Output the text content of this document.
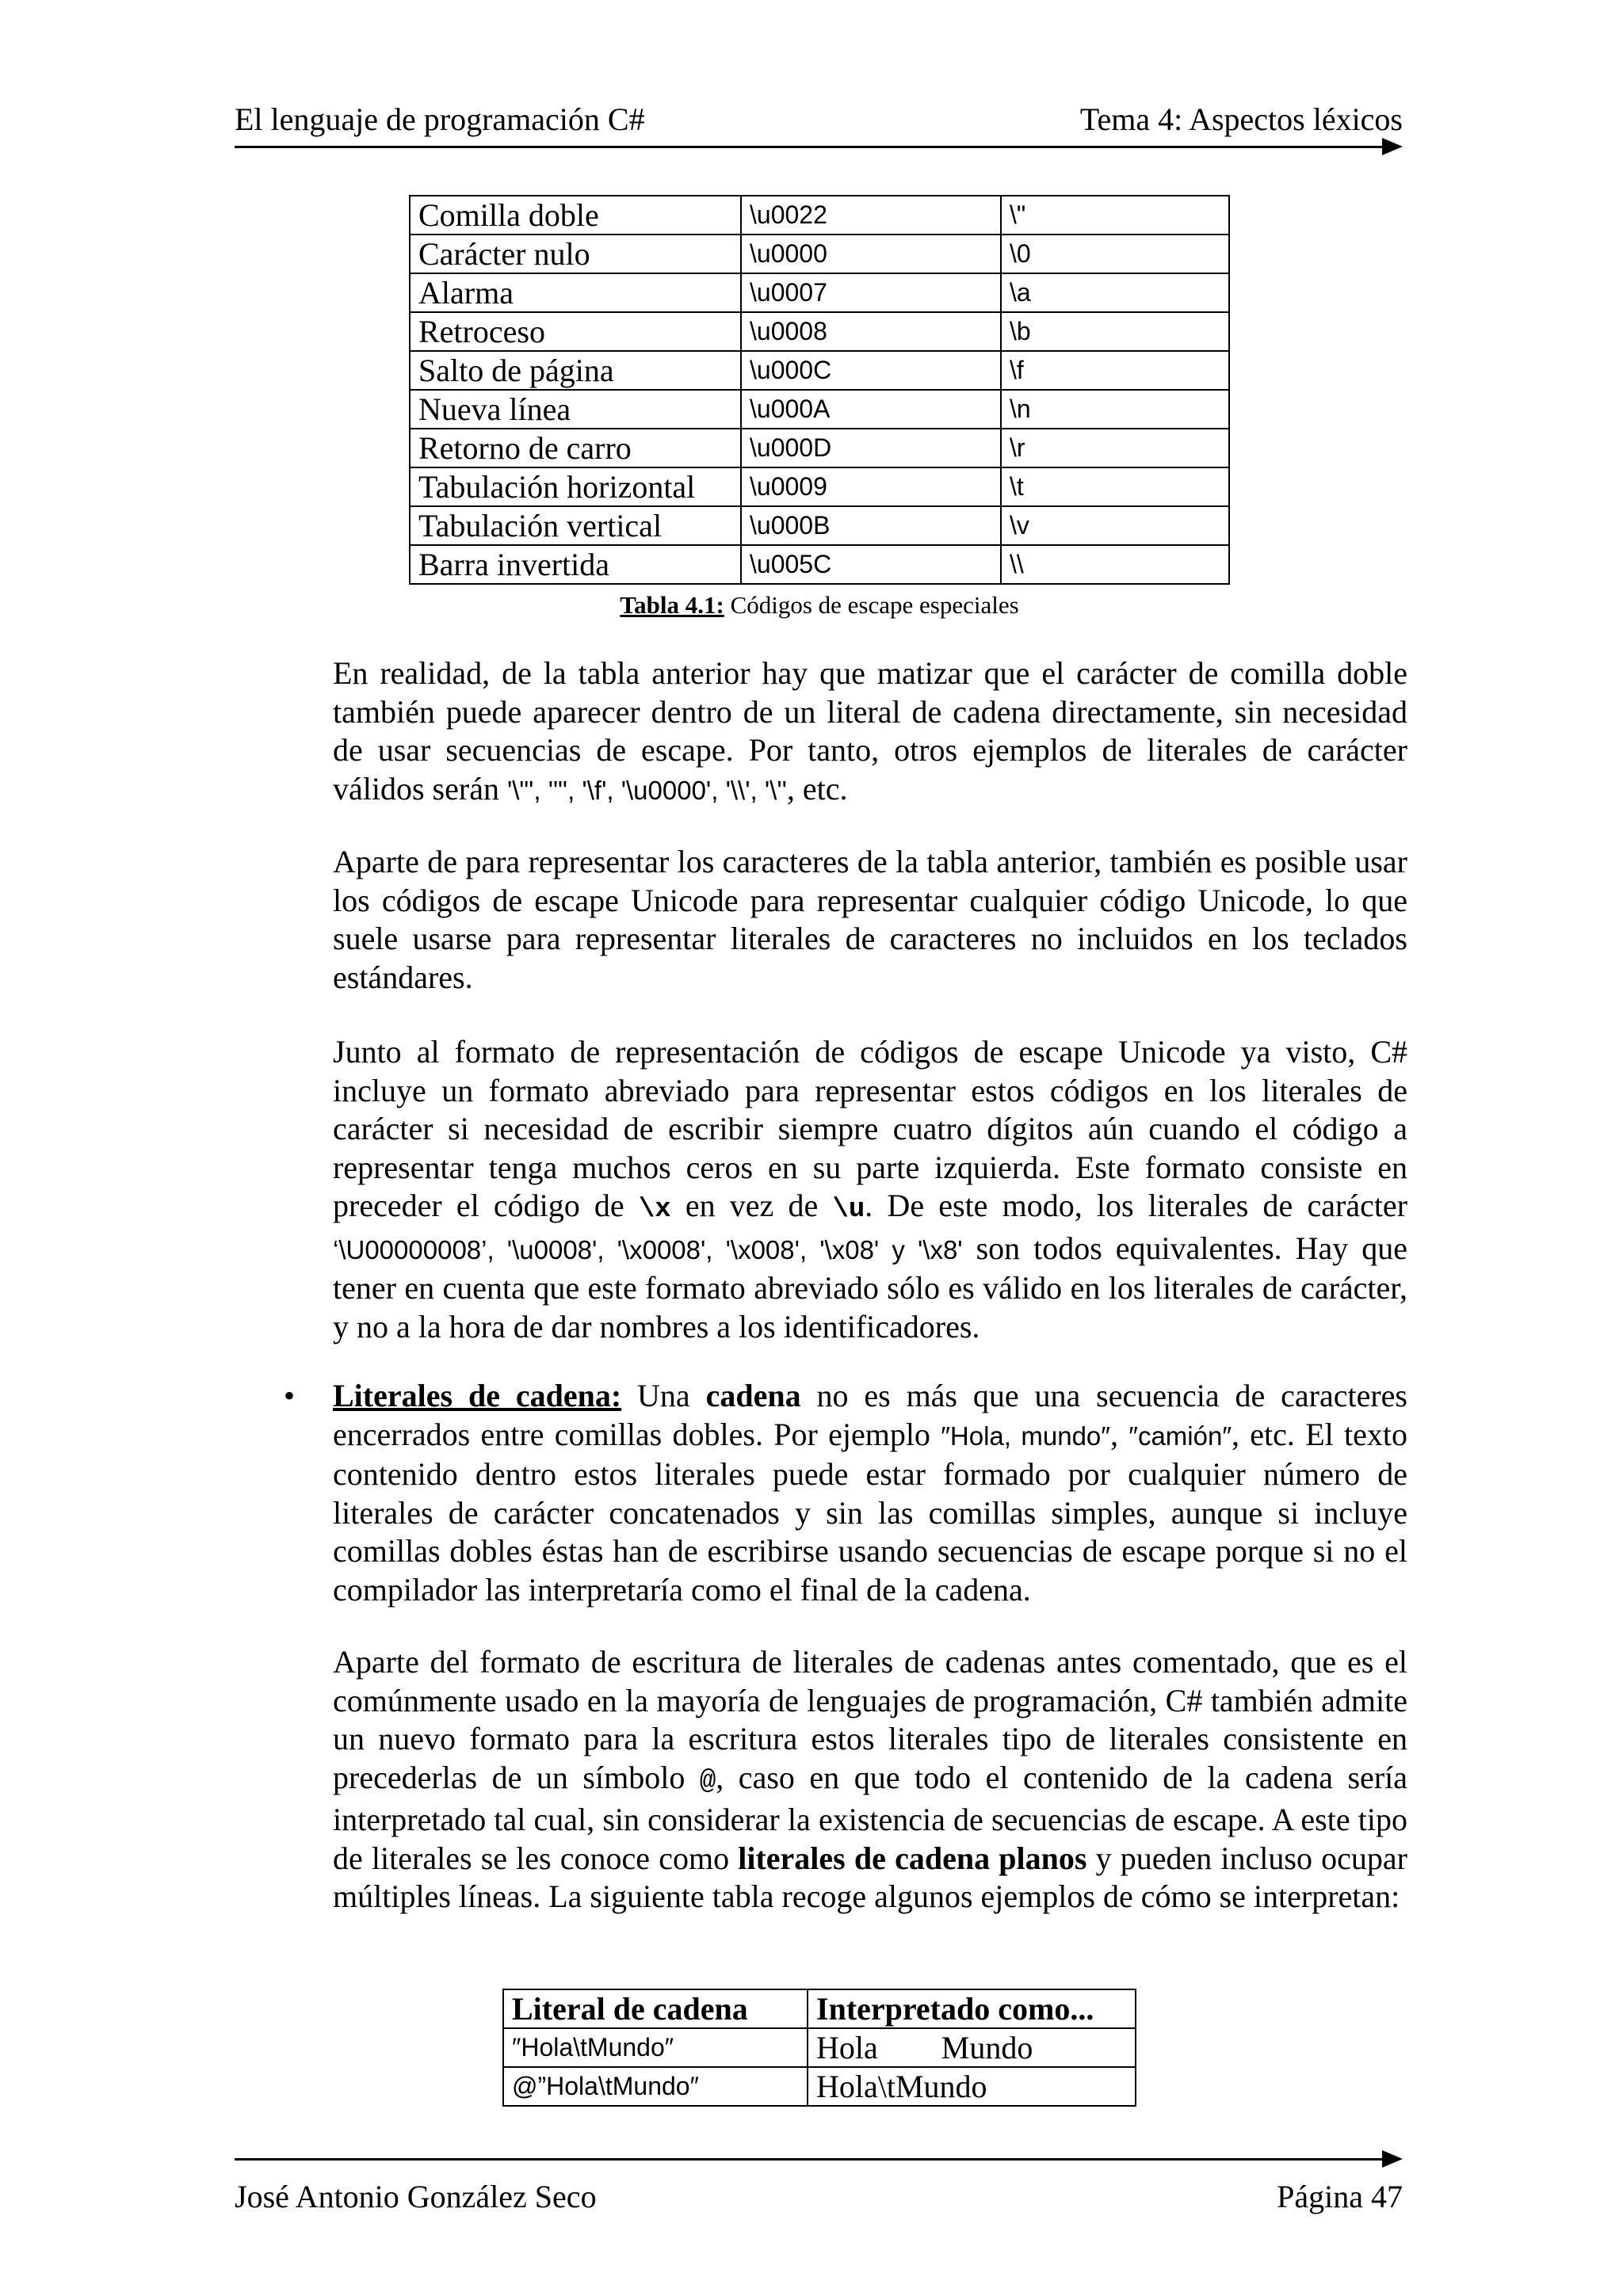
El lenguaje de programación C#	Tema 4: Aspectos léxicos
Comilla doble	\u0022	\"
Carácter nulo	\u0000	\0
Alarma	\u0007	\a
Retroceso	\u0008	\b
Salto de página	\u000C	\f
Nueva línea	\u000A	\n
Retorno de carro	\u000D	\r
Tabulación horizontal	\u0009	\t
Tabulación vertical	\u000B	\v
Barra invertida	\u005C	\\
Tabla 4.1: Códigos de escape especiales
En realidad, de la tabla anterior hay que matizar que el carácter de comilla doble también puede aparecer dentro de un literal de cadena directamente, sin necesidad de usar secuencias de escape. Por tanto, otros ejemplos de literales de carácter válidos serán '\"', '"', '\f', '\u0000', '\\', '\'', etc.
Aparte de para representar los caracteres de la tabla anterior, también es posible usar los códigos de escape Unicode para representar cualquier código Unicode, lo que suele usarse para representar literales de caracteres no incluidos en los teclados estándares.
Junto al formato de representación de códigos de escape Unicode ya visto, C# incluye un formato abreviado para representar estos códigos en los literales de carácter si necesidad de escribir siempre cuatro dígitos aún cuando el código a representar tenga muchos ceros en su parte izquierda. Este formato consiste en preceder el código de \x en vez de \u. De este modo, los literales de carácter ‘\U00000008’, '\u0008', '\x0008', '\x008', '\x08' y '\x8' son todos equivalentes. Hay que tener en cuenta que este formato abreviado sólo es válido en los literales de carácter, y no a la hora de dar nombres a los identificadores.
• Literales de cadena: Una cadena no es más que una secuencia de caracteres encerrados entre comillas dobles. Por ejemplo ″Hola, mundo″, ″camión″, etc. El texto contenido dentro estos literales puede estar formado por cualquier número de literales de carácter concatenados y sin las comillas simples, aunque si incluye comillas dobles éstas han de escribirse usando secuencias de escape porque si no el compilador las interpretaría como el final de la cadena.
Aparte del formato de escritura de literales de cadenas antes comentado, que es el comúnmente usado en la mayoría de lenguajes de programación, C# también admite un nuevo formato para la escritura estos literales tipo de literales consistente en precederlas de un símbolo @, caso en que todo el contenido de la cadena sería interpretado tal cual, sin considerar la existencia de secuencias de escape. A este tipo de literales se les conoce como literales de cadena planos y pueden incluso ocupar múltiples líneas. La siguiente tabla recoge algunos ejemplos de cómo se interpretan:
Literal de cadena	Interpretado como...
″Hola\tMundo″	Hola        Mundo
@”Hola\tMundo″	Hola\tMundo
José Antonio González Seco	Página 47
